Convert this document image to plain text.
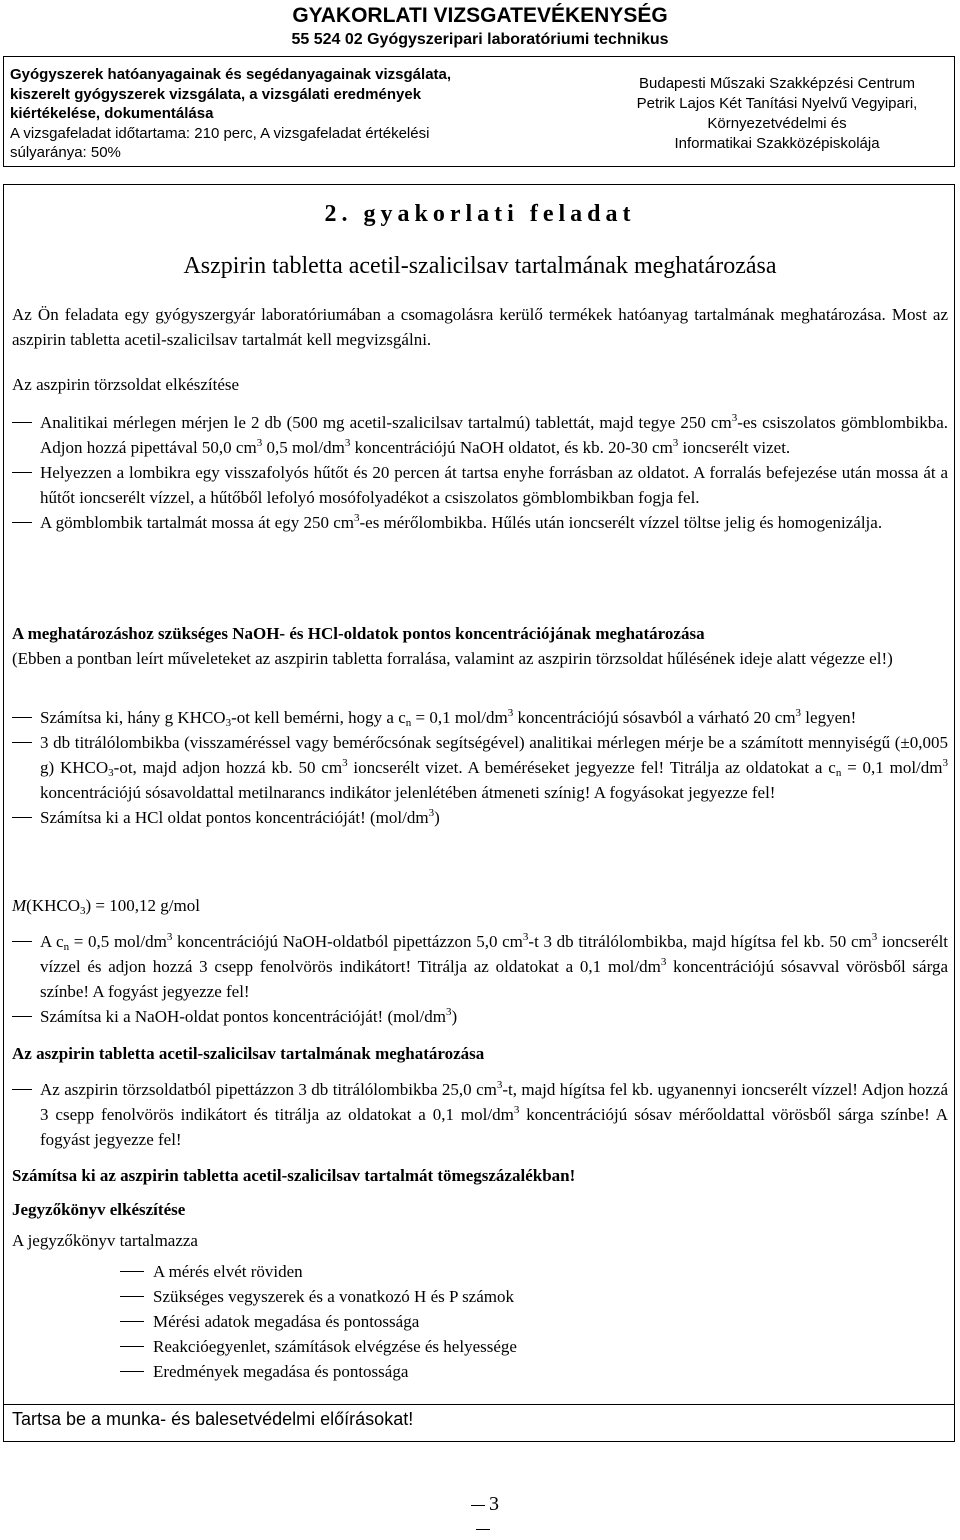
GYAKORLATI VIZSGATEVÉKENYSÉG
55 524 02 Gyógyszeripari laboratóriumi technikus
Gyógyszerek hatóanyagainak és segédanyagainak vizsgálata,
kiszerelt gyógyszerek vizsgálata, a vizsgálati eredmények
kiértékelése, dokumentálása
A vizsgafeladat időtartama: 210 perc, A vizsgafeladat értékelési
súlyaránya: 50%
Budapesti Műszaki Szakképzési Centrum
Petrik Lajos Két Tanítási Nyelvű Vegyipari,
Környezetvédelmi és
Informatikai Szakközépiskolája
2. gyakorlati feladat
Aszpirin tabletta acetil-szalicilsav tartalmának meghatározása
Az Ön feladata egy gyógyszergyár laboratóriumában a csomagolásra kerülő termékek hatóanyag tartalmának meghatározása. Most az aszpirin tabletta acetil-szalicilsav tartalmát kell megvizsgálni.
Az aszpirin törzsoldat elkészítése
Analitikai mérlegen mérjen le 2 db (500 mg acetil-szalicilsav tartalmú) tablettát, majd tegye 250 $cm^3-es$ csiszolatos gömblombikba. Adjon hozzá pipettával 50,0 $cm^3$ 0,5 mol/$dm^3$ koncentrációjú NaOH oldatot, és kb. 20-30 $cm^3$ ioncserélt vizet.
Helyezzen a lombikra egy visszafolyós hűtőt és 20 percen át tartsa enyhe forrásban az oldatot. A forralás befejezése után mossa át a hűtőt ioncserélt vízzel, a hűtőből lefolyó mosófolyadékot a csiszolatos gömblombikban fogja fel.
A gömblombik tartalmát mossa át egy 250 $cm^3-es$ mérőlombikba. Hűlés után ioncserélt vízzel töltse jelig és homogenizálja.
A meghatározáshoz szükséges NaOH- és HCl-oldatok pontos koncentrációjának meghatározása
(Ebben a pontban leírt műveleteket az aszpirin tabletta forralása, valamint az aszpirin törzsoldat hűlésének ideje alatt végezze el!)
Számítsa ki, hány g $KHCO_3-ot$ kell bemérni, hogy a $c_n = 0,1$ mol/$dm^3$ koncentrációjú sósavból a várható 20 $cm^3$ legyen!
3 db titrálólombikba (visszaméréssel vagy bemérőcsónak segítségével) analitikai mérlegen mérje be a számított mennyiségű (±0,005 g) $KHCO_3-ot$, majd adjon hozzá kb. 50 $cm^3$ ioncserélt vizet. A beméréseket jegyezze fel! Titrálja az oldatokat a $c_n = 0,1$ mol/$dm^3$ koncentrációjú sósavoldattal metilnarancs indikátor jelenlétében átmeneti színig! A fogyásokat jegyezze fel!
Számítsa ki a HCl oldat pontos koncentrációját! $(mol/dm^3)$
$M(KHCO_3) = 100,12$ g/mol
A $c_n = 0,5$ mol/$dm^3$ koncentrációjú NaOH-oldatból pipettázzon 5,0 $cm^3-t$ 3 db titrálólombikba, majd hígítsa fel kb. 50 $cm^3$ ioncserélt vízzel és adjon hozzá 3 csepp fenolvörös indikátort! Titrálja az oldatokat a 0,1 mol/$dm^3$ koncentrációjú sósavval vörösből sárga színbe! A fogyást jegyezze fel!
Számítsa ki a NaOH-oldat pontos koncentrációját! $(mol/dm^3)$
Az aszpirin tabletta acetil-szalicilsav tartalmának meghatározása
Az aszpirin törzsoldatból pipettázzon 3 db titrálólombikba 25,0 $cm^3-t$, majd hígítsa fel kb. ugyanennyi ioncserélt vízzel! Adjon hozzá 3 csepp fenolvörös indikátort és titrálja az oldatokat a 0,1 mol/$dm^3$ koncentrációjú sósav mérőoldattal vörösből sárga színbe! A fogyást jegyezze fel!
Számítsa ki az aszpirin tabletta acetil-szalicilsav tartalmát tömegszázalékban!
Jegyzőkönyv elkészítése
A jegyzőkönyv tartalmazza
A mérés elvét röviden
Szükséges vegyszerek és a vonatkozó H és P számok
Mérési adatok megadása és pontossága
Reakcióegyenlet, számítások elvégzése és helyessége
Eredmények megadása és pontossága
Tartsa be a munka- és balesetvédelmi előírásokat!
3
